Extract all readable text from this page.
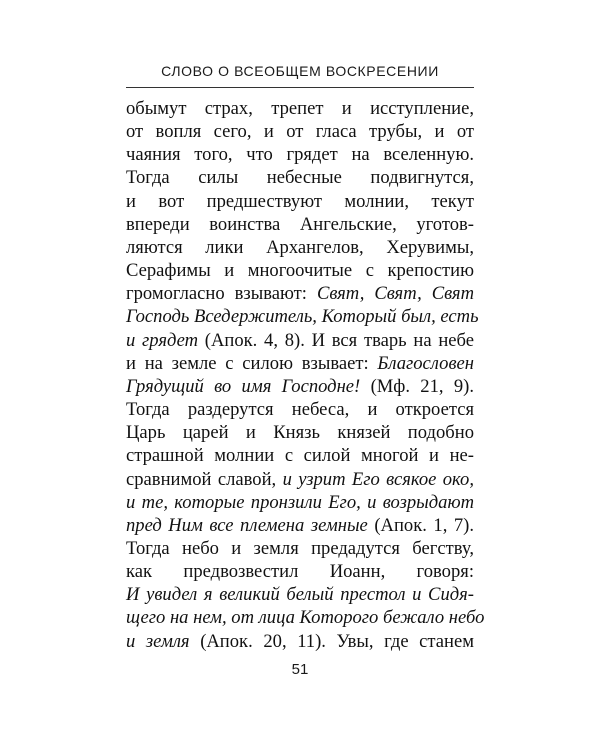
СЛОВО О ВСЕОБЩЕМ ВОСКРЕСЕНИИ
обымут страх, трепет и исступление,
от вопля сего, и от гласа трубы, и от
чаяния того, что грядет на вселенную.
Тогда силы небесные подвигнутся,
и вот предшествуют молнии, текут
впереди воинства Ангельские, уготов-
ляются лики Архангелов, Херувимы,
Серафимы и многоочитые с крепостию
громогласно взывают: Свят, Свят, Свят
Господь Вседержитель, Который был, есть
и грядет (Апок. 4, 8). И вся тварь на небе
и на земле с силою взывает: Благословен
Грядущий во имя Господне! (Мф. 21, 9).
Тогда раздерутся небеса, и откроется
Царь царей и Князь князей подобно
страшной молнии с силой многой и не-
сравнимой славой, и узрит Его всякое око,
и те, которые пронзили Его, и возрыдают
пред Ним все племена земные (Апок. 1, 7).
Тогда небо и земля предадутся бегству,
как предвозвестил Иоанн, говоря:
И увидел я великий белый престол и Сидя-
щего на нем, от лица Которого бежало небо
и земля (Апок. 20, 11). Увы, где станем
51
